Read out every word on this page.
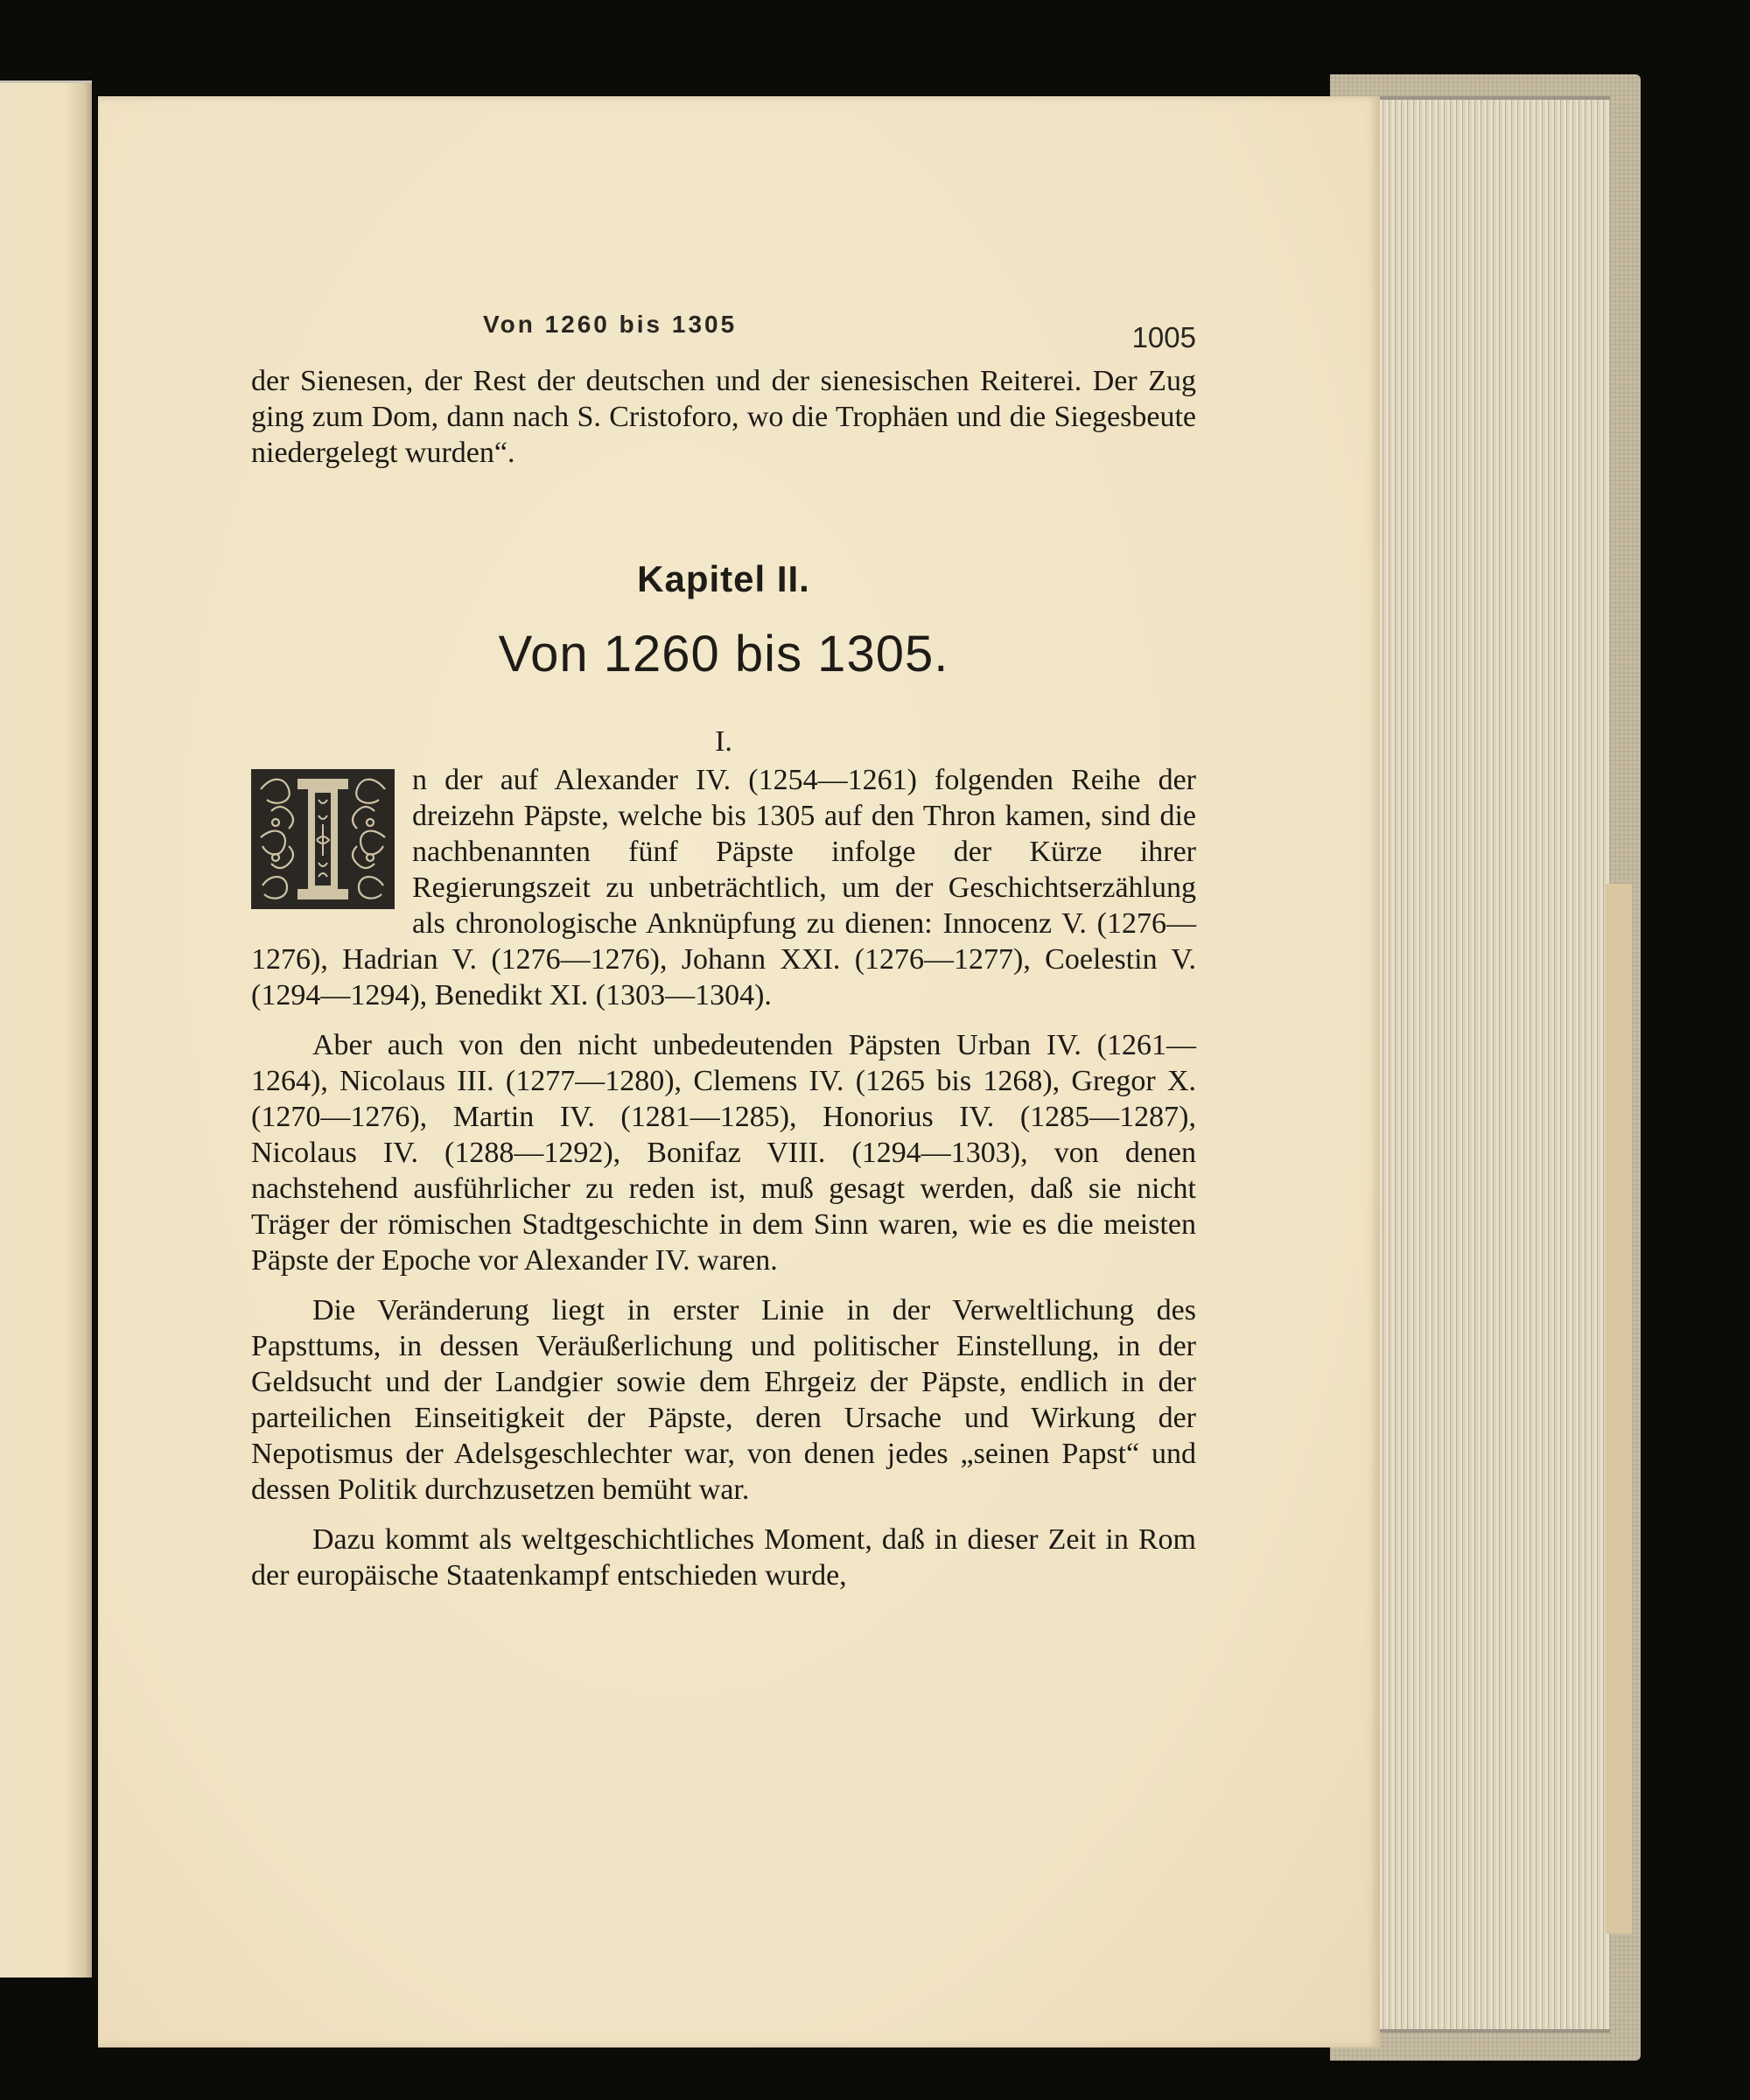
Von 1260 bis 1305	1005

der Sienesen, der Rest der deutschen und der sienesischen Reiterei. Der Zug ging zum Dom, dann nach S. Cristoforo, wo die Trophäen und die Siegesbeute niedergelegt wurden“.

Kapitel II.
Von 1260 bis 1305.
I.

n der auf Alexander IV. (1254—1261) folgenden Reihe der dreizehn Päpste, welche bis 1305 auf den Thron kamen, sind die nachbenannten fünf Päpste infolge der Kürze ihrer Regierungszeit zu unbeträchtlich, um der Geschichtserzählung als chronologische Anknüpfung zu dienen: Innocenz V. (1276—1276), Hadrian V. (1276—1276), Johann XXI. (1276—1277), Coelestin V. (1294—1294), Benedikt XI. (1303—1304).

Aber auch von den nicht unbedeutenden Päpsten Urban IV. (1261—1264), Nicolaus III. (1277—1280), Clemens IV. (1265 bis 1268), Gregor X. (1270—1276), Martin IV. (1281—1285), Honorius IV. (1285—1287), Nicolaus IV. (1288—1292), Bonifaz VIII. (1294—1303), von denen nachstehend ausführlicher zu reden ist, muß gesagt werden, daß sie nicht Träger der römischen Stadtgeschichte in dem Sinn waren, wie es die meisten Päpste der Epoche vor Alexander IV. waren.

Die Veränderung liegt in erster Linie in der Verweltlichung des Papsttums, in dessen Veräußerlichung und politischer Einstellung, in der Geldsucht und der Landgier sowie dem Ehrgeiz der Päpste, endlich in der parteilichen Einseitigkeit der Päpste, deren Ursache und Wirkung der Nepotismus der Adelsgeschlechter war, von denen jedes „seinen Papst“ und dessen Politik durchzusetzen bemüht war.

Dazu kommt als weltgeschichtliches Moment, daß in dieser Zeit in Rom der europäische Staatenkampf entschieden wurde,
